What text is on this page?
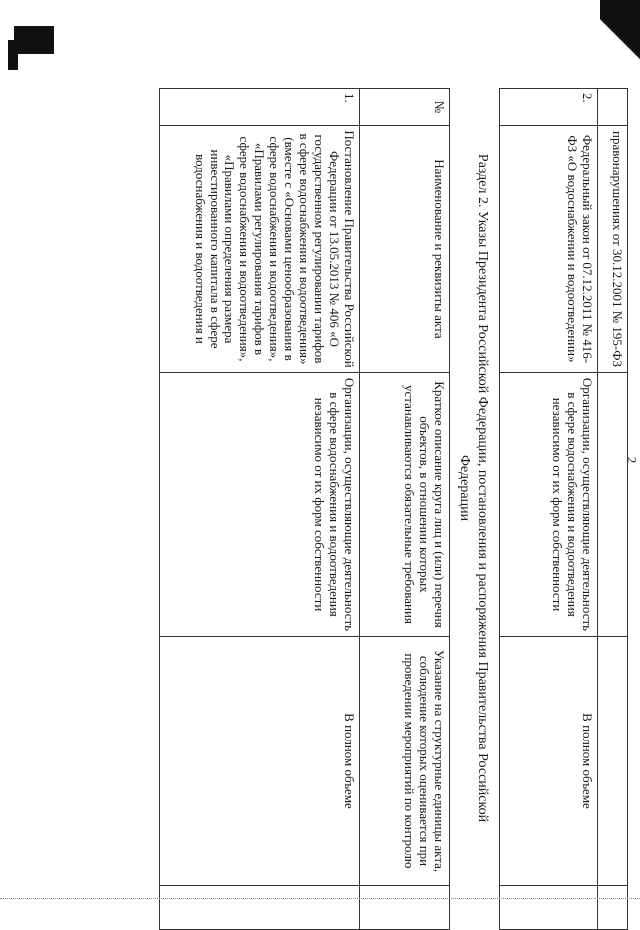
2
	правонарушениях от 30.12.2001 № 195-ФЗ			
2.	Федеральный закон от 07.12.2011 № 416-ФЗ «О водоснабжении и водоотведении»	Организации, осуществляющие деятельность в сфере водоснабжения и водоотведения независимо от их форм собственности	В полном объеме	
Раздел 2. Указы Президента Российской Федерации, постановления и распоряжения Правительства Российской Федерации
№	Наименование и реквизиты акта	Краткое описание круга лиц и (или) перечня объектов, в отношении которых устанавливаются обязательные требования	Указание на структурные единицы акта, соблюдение которых оценивается при проведении мероприятий по контролю	
1.	Постановление Правительства Российской Федерации от 13.05.2013 № 406 «О государственном регулировании тарифов в сфере водоснабжения и водоотведения» (вместе с «Основами ценообразования в сфере водоснабжения и водоотведения», «Правилами регулирования тарифов в сфере водоснабжения и водоотведения», «Правилами определения размера инвестированного капитала в сфере водоснабжения и водоотведения и	Организации, осуществляющие деятельность в сфере водоснабжения и водоотведения независимо от их форм собственности	В полном объеме	
